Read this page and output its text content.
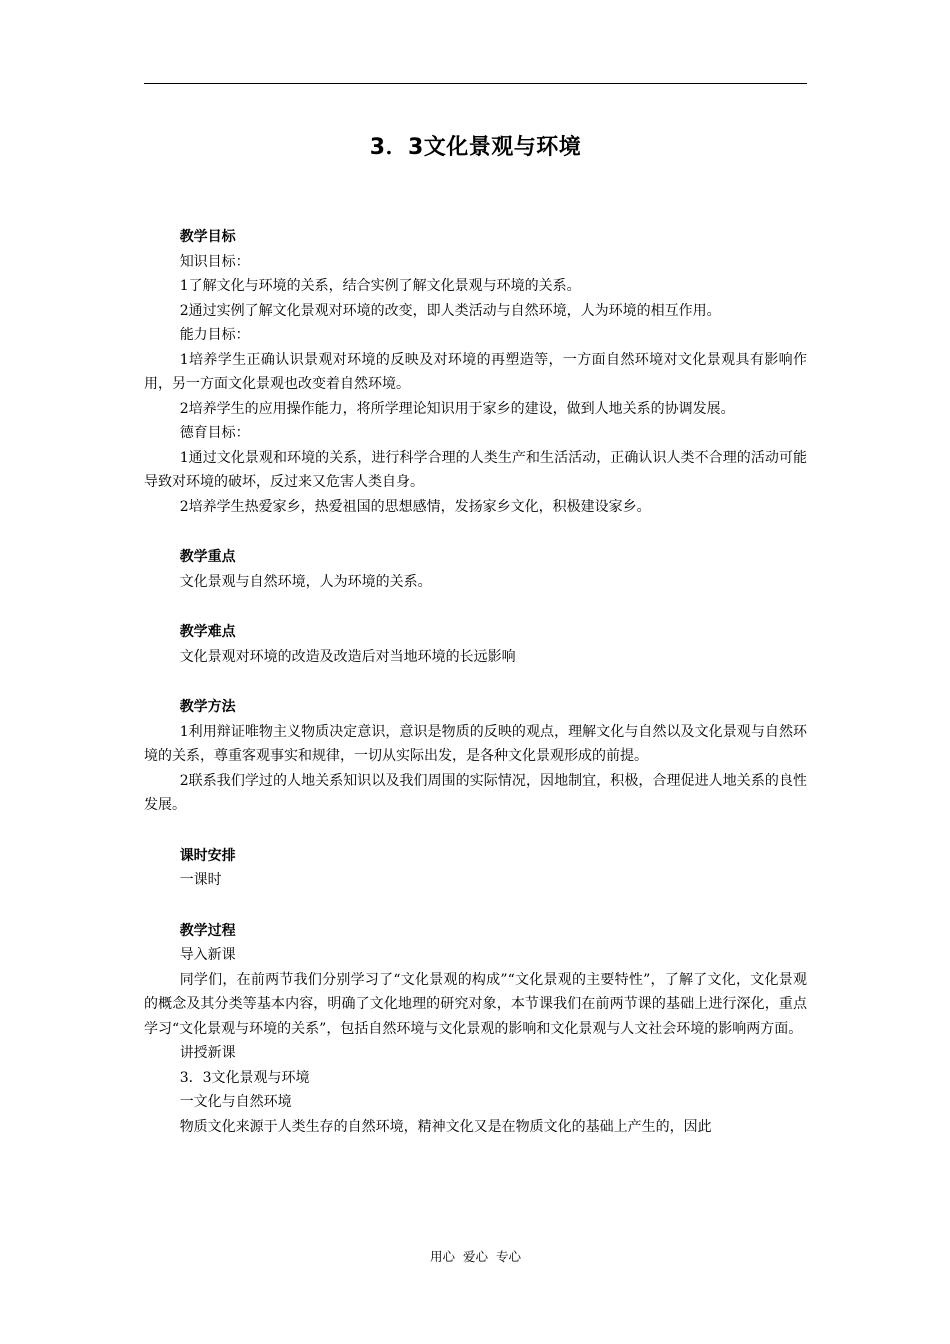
3．3文化景观与环境

教学目标

知识目标：

1了解文化与环境的关系，结合实例了解文化景观与环境的关系。

2通过实例了解文化景观对环境的改变，即人类活动与自然环境，人为环境的相互作用。

能力目标：

1培养学生正确认识景观对环境的反映及对环境的再塑造等，一方面自然环境对文化景观具有影响作用，另一方面文化景观也改变着自然环境。

2培养学生的应用操作能力，将所学理论知识用于家乡的建设，做到人地关系的协调发展。

德育目标：

1通过文化景观和环境的关系，进行科学合理的人类生产和生活活动，正确认识人类不合理的活动可能导致对环境的破坏，反过来又危害人类自身。

2培养学生热爱家乡，热爱祖国的思想感情，发扬家乡文化，积极建设家乡。

教学重点

文化景观与自然环境，人为环境的关系。

教学难点

文化景观对环境的改造及改造后对当地环境的长远影响

教学方法

1利用辩证唯物主义物质决定意识，意识是物质的反映的观点，理解文化与自然以及文化景观与自然环境的关系，尊重客观事实和规律，一切从实际出发，是各种文化景观形成的前提。

2联系我们学过的人地关系知识以及我们周围的实际情况，因地制宜，积极，合理促进人地关系的良性发展。

课时安排

一课时

教学过程

导入新课

同学们，在前两节我们分别学习了“文化景观的构成”“文化景观的主要特性”，了解了文化，文化景观的概念及其分类等基本内容，明确了文化地理的研究对象，本节课我们在前两节课的基础上进行深化，重点学习“文化景观与环境的关系”，包括自然环境与文化景观的影响和文化景观与人文社会环境的影响两方面。

讲授新课

3．3文化景观与环境

一文化与自然环境

物质文化来源于人类生存的自然环境，精神文化又是在物质文化的基础上产生的，因此

用心 爱心 专心
